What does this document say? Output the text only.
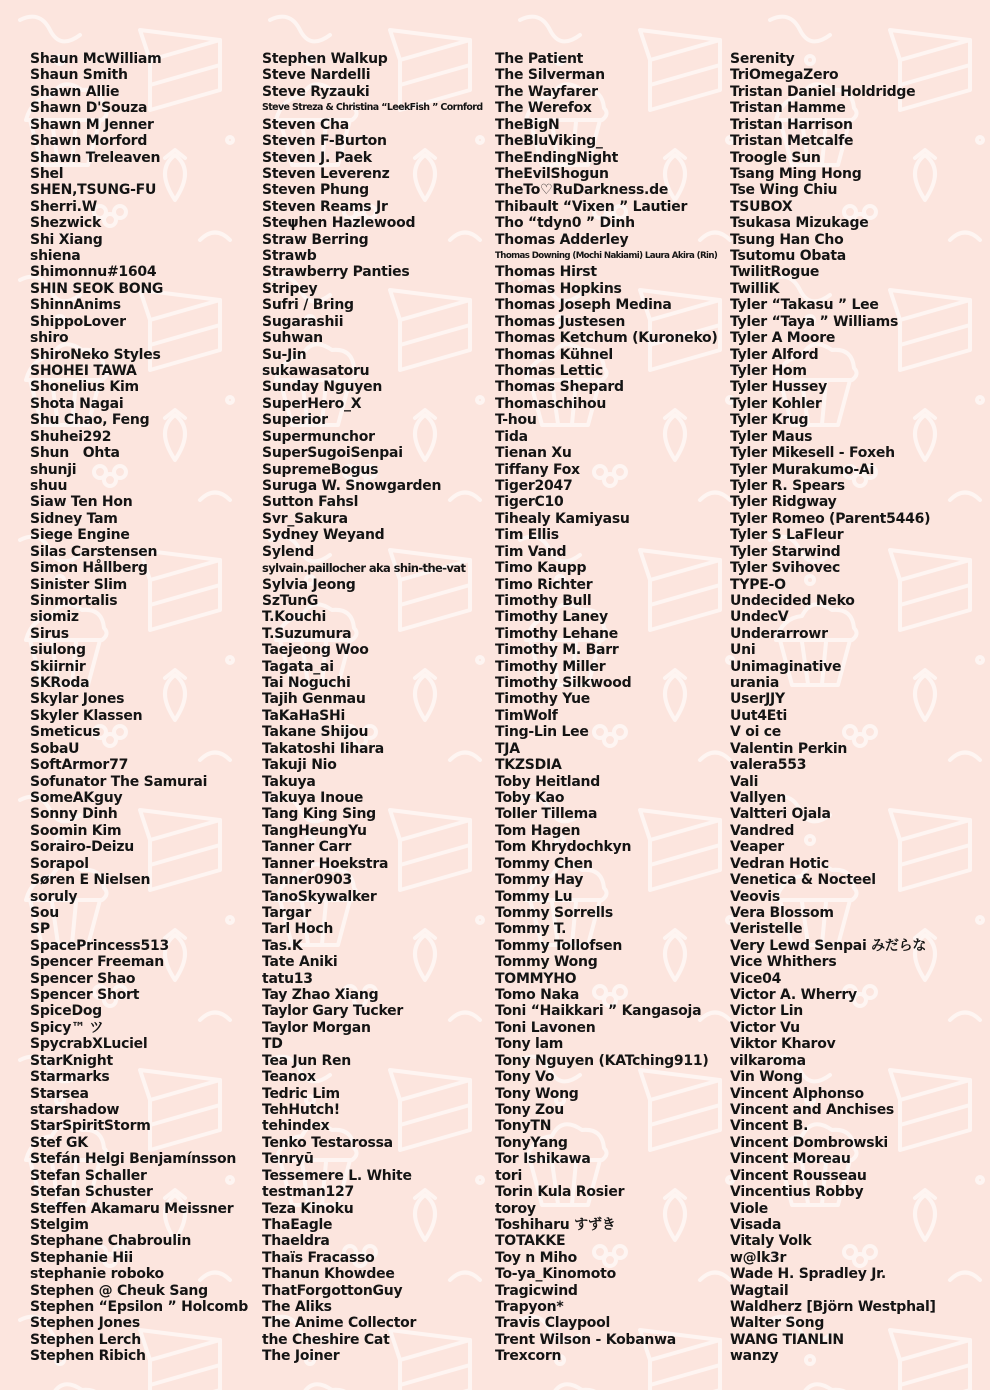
Shaun McWilliam
Shaun Smith
Shawn Allie
Shawn D'Souza
Shawn M Jenner
Shawn Morford
Shawn Treleaven
Shel
SHEN,TSUNG-FU
Sherri.W
Shezwick
Shi Xiang
shiena
Shimonnu#1604
SHIN SEOK BONG
ShinnAnims
ShippoLover
shiro
ShiroNeko Styles
SHOHEI TAWA
Shonelius Kim
Shota Nagai
Shu Chao, Feng
Shuhei292
Shun　Ohta
shunji
shuu
Siaw Ten Hon
Sidney Tam
Siege Engine
Silas Carstensen
Simon Hållberg
Sinister Slim
Sinmortalis
siomiz
Sirus
siulong
Skiirnir
SKRoda
Skylar Jones
Skyler Klassen
Smeticus
SobaU
SoftArmor77
Sofunator The Samurai
SomeAKguy
Sonny Dinh
Soomin Kim
Sorairo-Deizu
Sorapol
Søren E Nielsen
soruly
Sou
SP
SpacePrincess513
Spencer Freeman
Spencer Shao
Spencer Short
SpiceDog
Spicy™ ツ
SpycrabXLuciel
StarKnight
Starmarks
Starsea
starshadow
StarSpiritStorm
Stef GK
Stefán Helgi Benjamínsson
Stefan Schaller
Stefan Schuster
Steffen Akamaru Meissner
Stelgim
Stephane Chabroulin
Stephanie Hii
stephanie roboko
Stephen @ Cheuk Sang
Stephen “Epsilon ” Holcomb
Stephen Jones
Stephen Lerch
Stephen Ribich
Stephen Walkup
Steve Nardelli
Steve Ryzauki
Steve Streza & Christina “LeekFish ” Cornford
Steven Cha
Steven F-Burton
Steven J. Paek
Steven Leverenz
Steven Phung
Steven Reams Jr
Steψhen Hazlewood
Straw Berring
Strawb
Strawberry Panties
Stripey
Sufri / Bring
Sugarashii
Suhwan
Su-Jin
sukawasatoru
Sunday Nguyen
SuperHero_X
Superior
Supermunchor
SuperSugoiSenpai
SupremeBogus
Suruga W. Snowgarden
Sutton Fahsl
Svr_Sakura
Sydney Weyand
Sylend
sylvain.paillocher aka shin-the-vat
Sylvia Jeong
SzTunG
T.Kouchi
T.Suzumura
Taejeong Woo
Tagata_ai
Tai Noguchi
Tajih Genmau
TaKaHaSHi
Takane Shijou
Takatoshi Iihara
Takuji Nio
Takuya
Takuya Inoue
Tang King Sing
TangHeungYu
Tanner Carr
Tanner Hoekstra
Tanner0903
TanoSkywalker
Targar
Tarl Hoch
Tas.K
Tate Aniki
tatu13
Tay Zhao Xiang
Taylor Gary Tucker
Taylor Morgan
TD
Tea Jun Ren
Teanox
Tedric Lim
TehHutch!
tehindex
Tenko Testarossa
Tenryū
Tessemere L. White
testman127
Teza Kinoku
ThaEagle
Thaeldra
Thaïs Fracasso
Thanun Khowdee
ThatForgottonGuy
The Aliks
The Anime Collector
the Cheshire Cat
The Joiner
The Patient
The Silverman
The Wayfarer
The Werefox
TheBigN
TheBluViking_
TheEndingNight
TheEvilShogun
TheTo♡RuDarkness.de
Thibault “Vixen ” Lautier
Tho “tdyn0 ” Dinh
Thomas Adderley
Thomas Downing (Mochi Nakiami) Laura Akira (Rin)
Thomas Hirst
Thomas Hopkins
Thomas Joseph Medina
Thomas Justesen
Thomas Ketchum (Kuroneko)
Thomas Kühnel
Thomas Lettic
Thomas Shepard
Thomaschihou
T-hou
Tida
Tienan Xu
Tiffany Fox
Tiger2047
TigerC10
Tihealy Kamiyasu
Tim Ellis
Tim Vand
Timo Kaupp
Timo Richter
Timothy Bull
Timothy Laney
Timothy Lehane
Timothy M. Barr
Timothy Miller
Timothy Silkwood
Timothy Yue
TimWolf
Ting-Lin Lee
TJA
TKZSDIA
Toby Heitland
Toby Kao
Toller Tillema
Tom Hagen
Tom Khrydochkyn
Tommy Chen
Tommy Hay
Tommy Lu
Tommy Sorrells
Tommy T.
Tommy Tollofsen
Tommy Wong
TOMMYHO
Tomo Naka
Toni “Haikkari ” Kangasoja
Toni Lavonen
Tony lam
Tony Nguyen (KATching911)
Tony Vo
Tony Wong
Tony Zou
TonyTN
TonyYang
Tor Ishikawa
tori
Torin Kula Rosier
toroy
Toshiharu すずき
TOTAKKE
Toy n Miho
To-ya_Kinomoto
Tragicwind
Trapyon*
Travis Claypool
Trent Wilson - Kobanwa
Trexcorn
Serenity
TriOmegaZero
Tristan Daniel Holdridge
Tristan Hamme
Tristan Harrison
Tristan Metcalfe
Troogle Sun
Tsang Ming Hong
Tse Wing Chiu
TSUBOX
Tsukasa Mizukage
Tsung Han Cho
Tsutomu Obata
TwilitRogue
TwilliK
Tyler “Takasu ” Lee
Tyler “Taya ” Williams
Tyler A Moore
Tyler Alford
Tyler Hom
Tyler Hussey
Tyler Kohler
Tyler Krug
Tyler Maus
Tyler Mikesell - Foxeh
Tyler Murakumo-Ai
Tyler R. Spears
Tyler Ridgway
Tyler Romeo (Parent5446)
Tyler S LaFleur
Tyler Starwind
Tyler Svihovec
TYPE-O
Undecided Neko
UndecV
Underarrowr
Uni
Unimaginative
urania
UserJJY
Uut4Eti
V oi ce
Valentin Perkin
valera553
Vali
Vallyen
Valtteri Ojala
Vandred
Veaper
Vedran Hotic
Venetica & Nocteel
Veovis
Vera Blossom
Veristelle
Very Lewd Senpai みだらな
Vice Whithers
Vice04
Victor A. Wherry
Victor Lin
Victor Vu
Viktor Kharov
vilkaroma
Vin Wong
Vincent Alphonso
Vincent and Anchises
Vincent B.
Vincent Dombrowski
Vincent Moreau
Vincent Rousseau
Vincentius Robby
Viole
Visada
Vitaly Volk
w@lk3r
Wade H. Spradley Jr.
Wagtail
Waldherz [Björn Westphal]
Walter Song
WANG TIANLIN
wanzy
